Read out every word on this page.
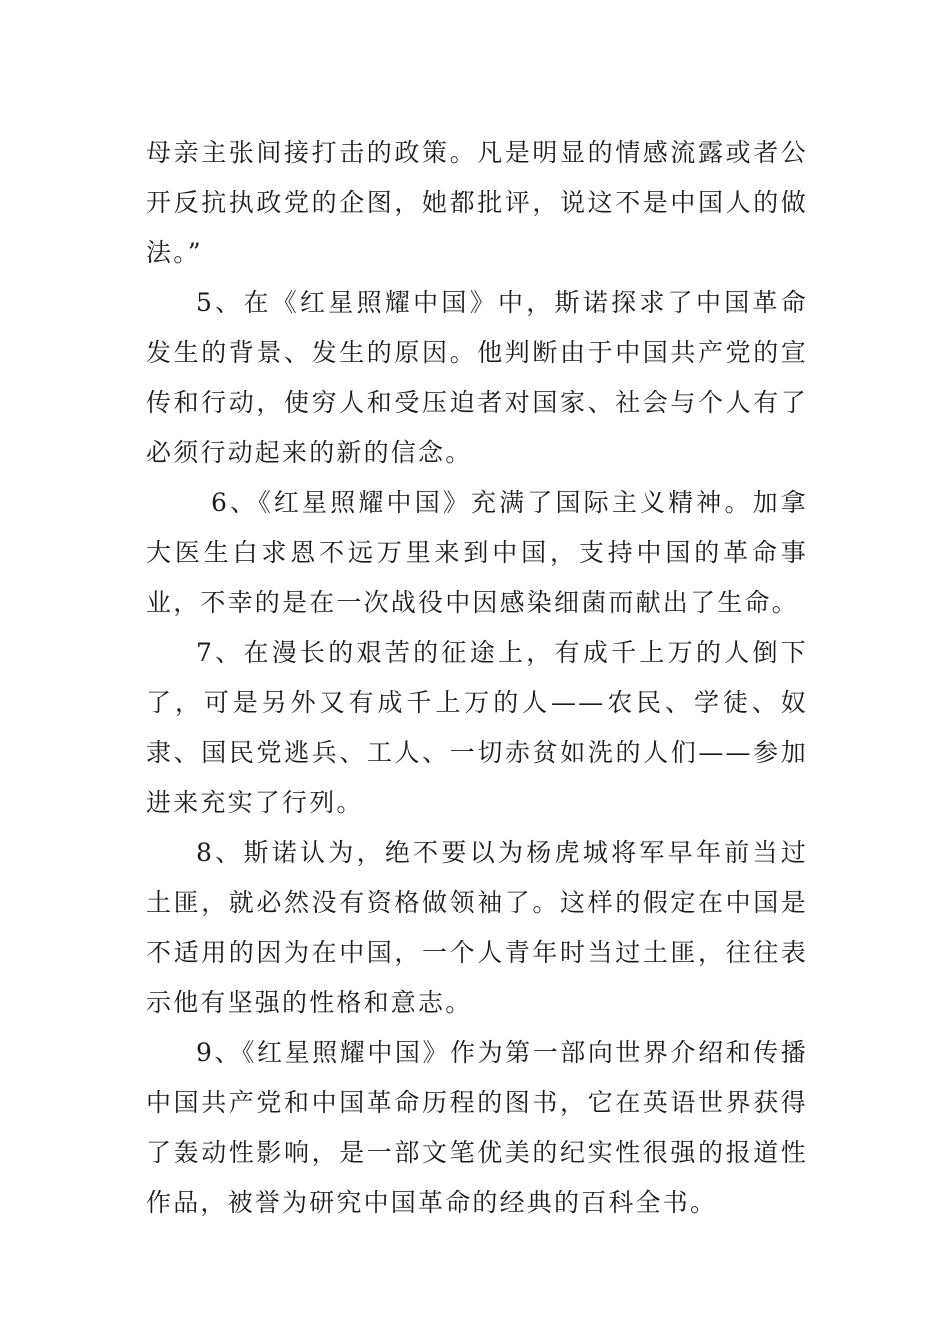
母亲主张间接打击的政策。凡是明显的情感流露或者公开反抗执政党的企图，她都批评，说这不是中国人的做法。”

5、在《红星照耀中国》中，斯诺探求了中国革命发生的背景、发生的原因。他判断由于中国共产党的宣传和行动，使穷人和受压迫者对国家、社会与个人有了必须行动起来的新的信念。

6、《红星照耀中国》充满了国际主义精神。加拿大医生白求恩不远万里来到中国，支持中国的革命事业，不幸的是在一次战役中因感染细菌而献出了生命。

7、在漫长的艰苦的征途上，有成千上万的人倒下了，可是另外又有成千上万的人——农民、学徒、奴隶、国民党逃兵、工人、一切赤贫如洗的人们——参加进来充实了行列。

8、斯诺认为，绝不要以为杨虎城将军早年前当过土匪，就必然没有资格做领袖了。这样的假定在中国是不适用的因为在中国，一个人青年时当过土匪，往往表示他有坚强的性格和意志。

9、《红星照耀中国》作为第一部向世界介绍和传播中国共产党和中国革命历程的图书，它在英语世界获得了轰动性影响，是一部文笔优美的纪实性很强的报道性作品，被誉为研究中国革命的经典的百科全书。
